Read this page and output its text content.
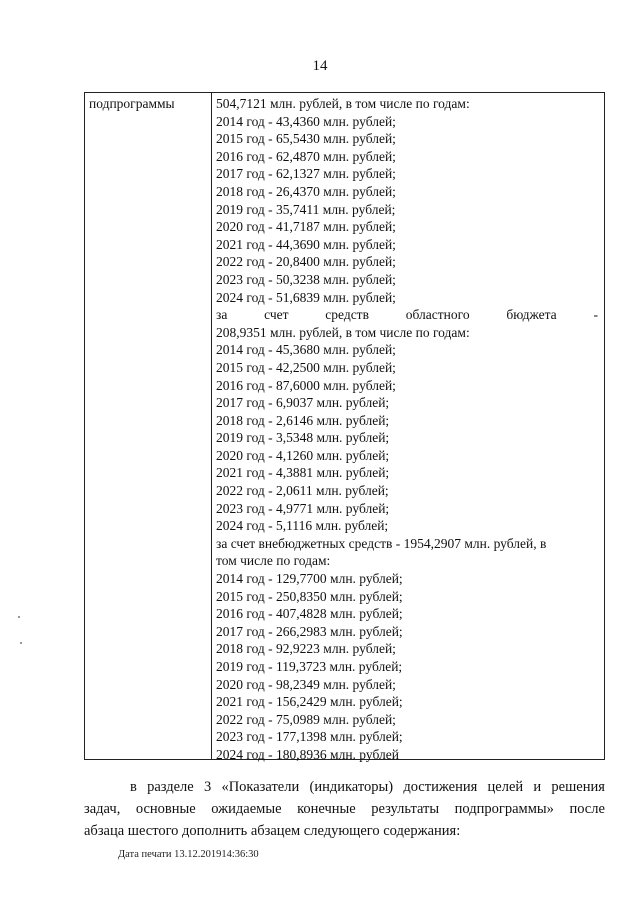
14
подпрограммы	504,7121 млн. рублей, в том числе по годам:
2014 год - 43,4360 млн. рублей;
2015 год - 65,5430 млн. рублей;
2016 год - 62,4870 млн. рублей;
2017 год - 62,1327 млн. рублей;
2018 год - 26,4370 млн. рублей;
2019 год - 35,7411 млн. рублей;
2020 год - 41,7187 млн. рублей;
2021 год - 44,3690 млн. рублей;
2022 год - 20,8400 млн. рублей;
2023 год - 50,3238 млн. рублей;
2024 год - 51,6839 млн. рублей;
за	счет	средств	областного	бюджета	-
208,9351 млн. рублей, в том числе по годам:
2014 год - 45,3680 млн. рублей;
2015 год - 42,2500 млн. рублей;
2016 год - 87,6000 млн. рублей;
2017 год - 6,9037 млн. рублей;
2018 год - 2,6146 млн. рублей;
2019 год - 3,5348 млн. рублей;
2020 год - 4,1260 млн. рублей;
2021 год - 4,3881 млн. рублей;
2022 год - 2,0611 млн. рублей;
2023 год - 4,9771 млн. рублей;
2024 год - 5,1116 млн. рублей;
за счет внебюджетных средств - 1954,2907 млн. рублей, в
том числе по годам:
2014 год - 129,7700 млн. рублей;
2015 год - 250,8350 млн. рублей;
2016 год - 407,4828 млн. рублей;
2017 год - 266,2983 млн. рублей;
2018 год - 92,9223 млн. рублей;
2019 год - 119,3723 млн. рублей;
2020 год - 98,2349 млн. рублей;
2021 год - 156,2429 млн. рублей;
2022 год - 75,0989 млн. рублей;
2023 год - 177,1398 млн. рублей;
2024 год - 180,8936 млн. рублей
в разделе 3 «Показатели (индикаторы) достижения целей и решения
задач, основные ожидаемые конечные результаты подпрограммы» после
абзаца шестого дополнить абзацем следующего содержания:
Дата печати 13.12.201914:36:30
